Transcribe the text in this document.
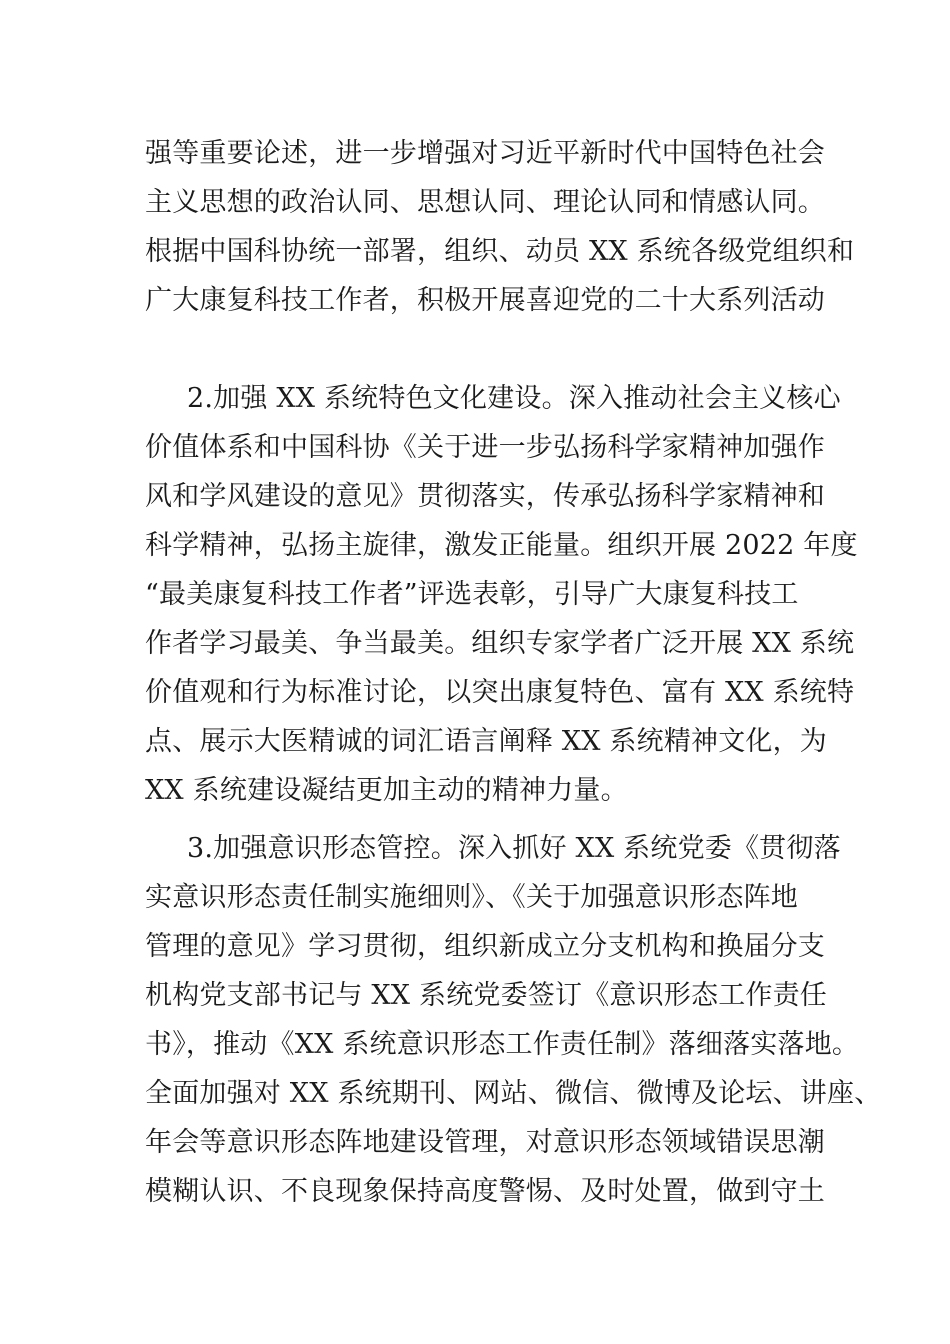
强等重要论述，进一步增强对习近平新时代中国特色社会
主义思想的政治认同、思想认同、理论认同和情感认同。
根据中国科协统一部署，组织、动员 XX 系统各级党组织和
广大康复科技工作者，积极开展喜迎党的二十大系列活动
2.加强 XX 系统特色文化建设。深入推动社会主义核心
价值体系和中国科协《关于进一步弘扬科学家精神加强作
风和学风建设的意见》贯彻落实，传承弘扬科学家精神和
科学精神，弘扬主旋律，激发正能量。组织开展 2022 年度
“最美康复科技工作者”评选表彰，引导广大康复科技工
作者学习最美、争当最美。组织专家学者广泛开展 XX 系统
价值观和行为标准讨论，以突出康复特色、富有 XX 系统特
点、展示大医精诚的词汇语言阐释 XX 系统精神文化，为
XX 系统建设凝结更加主动的精神力量。
3.加强意识形态管控。深入抓好 XX 系统党委《贯彻落
实意识形态责任制实施细则》、《关于加强意识形态阵地
管理的意见》学习贯彻，组织新成立分支机构和换届分支
机构党支部书记与 XX 系统党委签订《意识形态工作责任
书》，推动《XX 系统意识形态工作责任制》落细落实落地。
全面加强对 XX 系统期刊、网站、微信、微博及论坛、讲座、
年会等意识形态阵地建设管理，对意识形态领域错误思潮
模糊认识、不良现象保持高度警惕、及时处置，做到守土
